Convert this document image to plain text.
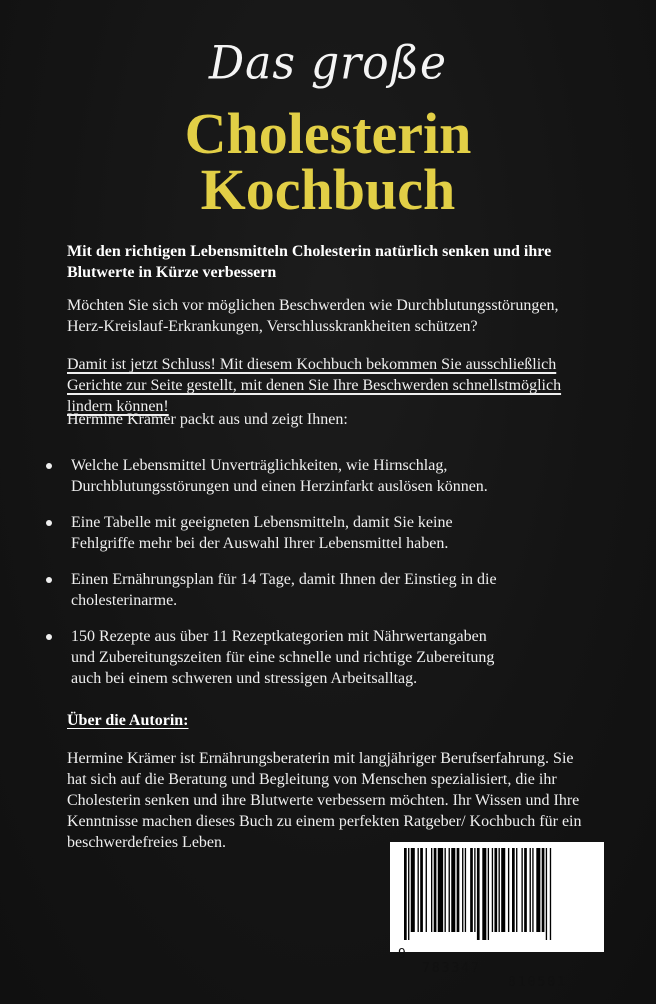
Das große
Cholesterin
Kochbuch
Mit den richtigen Lebensmitteln Cholesterin natürlich senken und ihre Blutwerte in Kürze verbessern
Möchten Sie sich vor möglichen Beschwerden wie Durchblutungsstörungen, Herz-Kreislauf-Erkrankungen, Verschlusskrankheiten schützen?
Damit ist jetzt Schluss! Mit diesem Kochbuch bekommen Sie ausschließlich Gerichte zur Seite gestellt, mit denen Sie Ihre Beschwerden schnellstmöglich lindern können!
Hermine Krämer packt aus und zeigt Ihnen:
Welche Lebensmittel Unverträglichkeiten, wie Hirnschlag, Durchblutungsstörungen und einen Herzinfarkt auslösen können.
Eine Tabelle mit geeigneten Lebensmitteln, damit Sie keine Fehlgriffe mehr bei der Auswahl Ihrer Lebensmittel haben.
Einen Ernährungsplan für 14 Tage, damit Ihnen der Einstieg in die cholesterinarme.
150 Rezepte aus über 11 Rezeptkategorien mit Nährwertangaben und Zubereitungszeiten für eine schnelle und richtige Zubereitung auch bei einem schweren und stressigen Arbeitsalltag.
Über die Autorin:
Hermine Krämer ist Ernährungsberaterin mit langjähriger Berufserfahrung. Sie hat sich auf die Beratung und Begleitung von Menschen spezialisiert, die ihr Cholesterin senken und ihre Blutwerte verbessern möchten. Ihr Wissen und Ihre Kenntnisse machen dieses Buch zu einem perfekten Ratgeber/ Kochbuch für ein beschwerdefreies Leben.

9

783347

810501
